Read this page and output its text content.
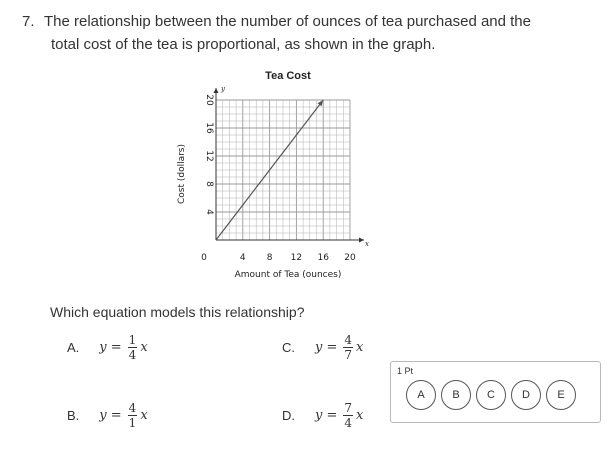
7. The relationship between the number of ounces of tea purchased and the
total cost of the tea is proportional, as shown in the graph.
Tea Cost
4 8 12 16 20
4
8
12
16
20
y
x
0
Amount of Tea (ounces)
Cost (dollars)
Which equation models this relationship?
A. $y = \frac{1}{4}$ x
B. $y = \frac{4}{1}$ x
C. $y = \frac{4}{7}$ x
D. $y = \frac{7}{4}$ x
1 Pt
A	B	C	D	E
